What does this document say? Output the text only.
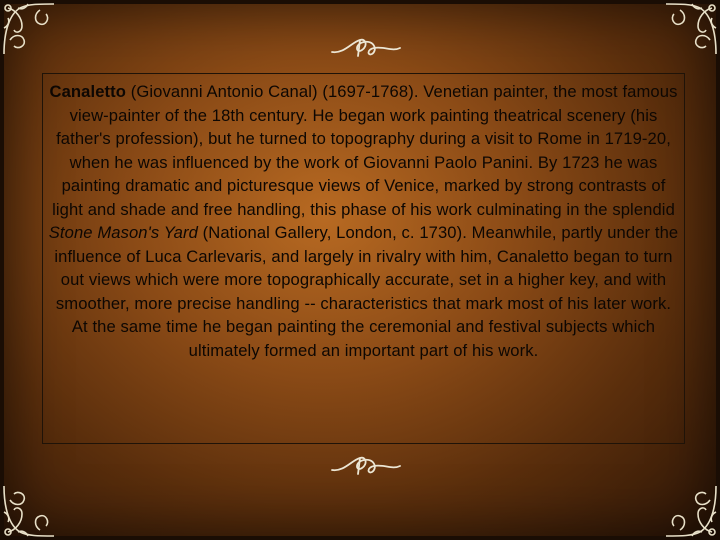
Canaletto (Giovanni Antonio Canal) (1697-1768). Venetian painter, the most famous view-painter of the 18th century. He began work painting theatrical scenery (his father's profession), but he turned to topography during a visit to Rome in 1719-20, when he was influenced by the work of Giovanni Paolo Panini. By 1723 he was painting dramatic and picturesque views of Venice, marked by strong contrasts of light and shade and free handling, this phase of his work culminating in the splendid Stone Mason's Yard (National Gallery, London, c. 1730). Meanwhile, partly under the influence of Luca Carlevaris, and largely in rivalry with him, Canaletto began to turn out views which were more topographically accurate, set in a higher key, and with smoother, more precise handling -- characteristics that mark most of his later work. At the same time he began painting the ceremonial and festival subjects which ultimately formed an important part of his work.
